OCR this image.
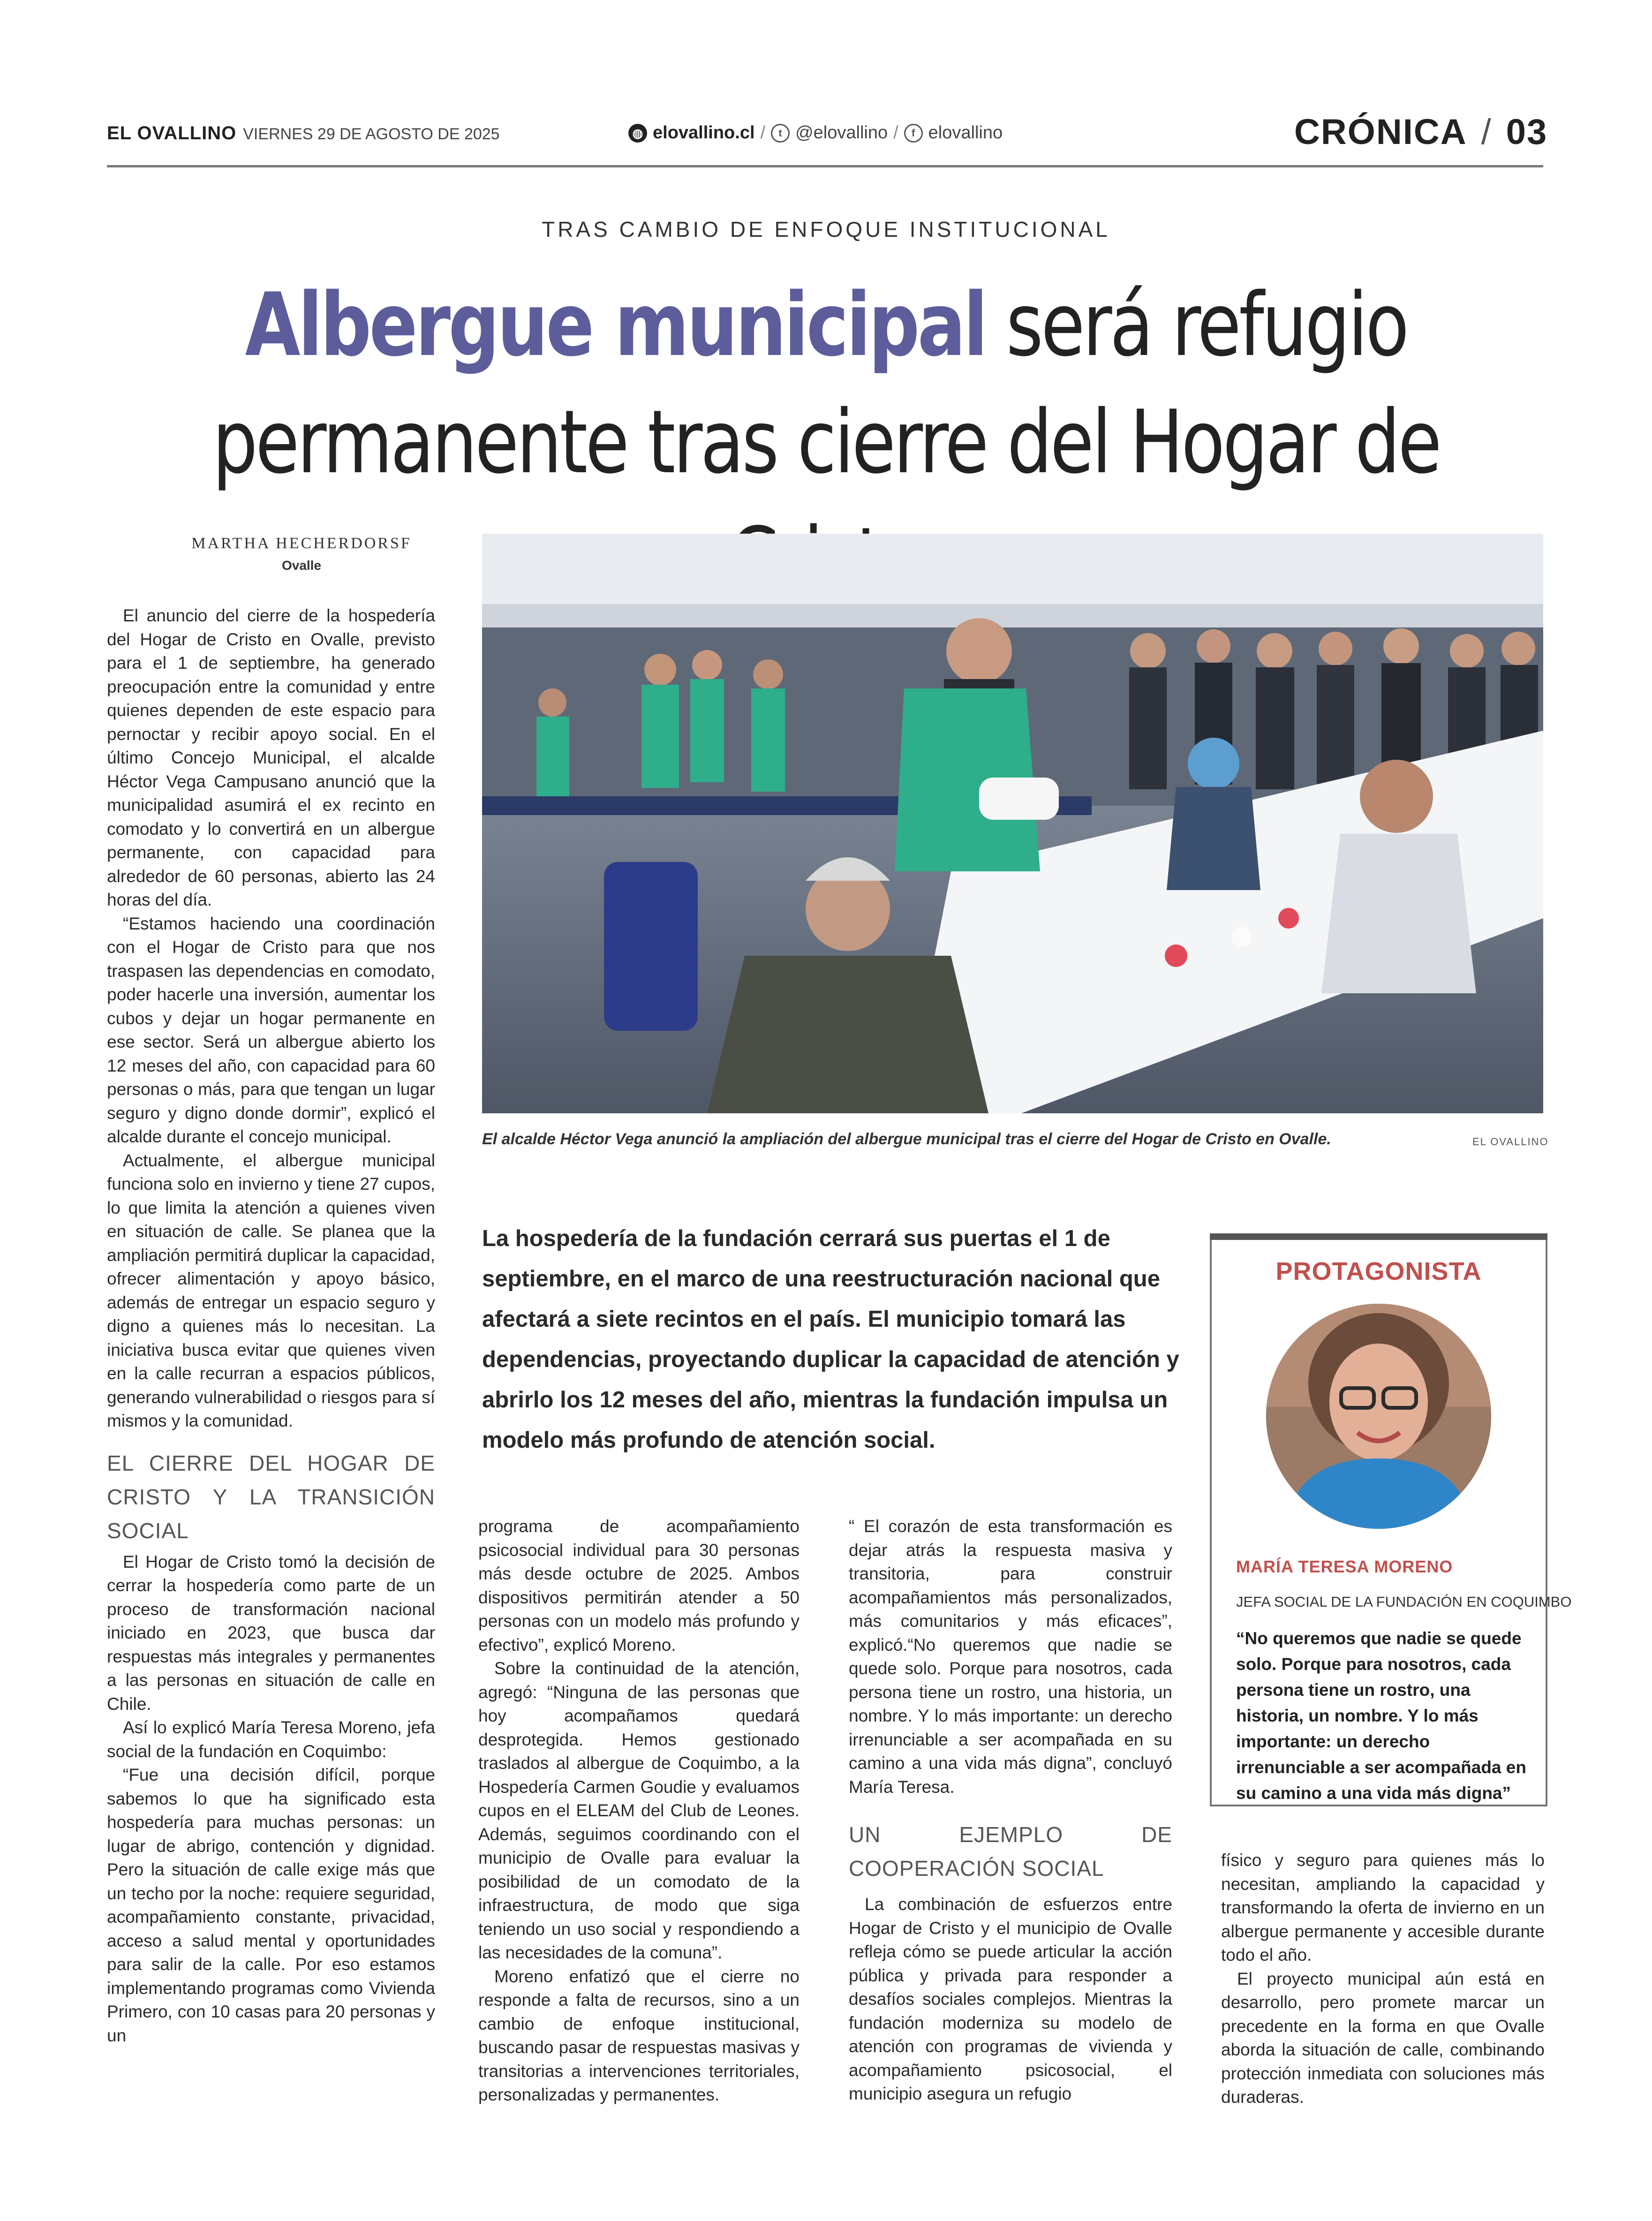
EL OVALLINO VIERNES 29 DE AGOSTO DE 2025	◍ elovallino.cl /	t @elovallino /	f elovallino	CRÓNICA / 03
TRAS CAMBIO DE ENFOQUE INSTITUCIONAL
Albergue municipal será refugio
permanente tras cierre del Hogar de
MARTHA HECHERDORSF
Ovalle

El anuncio del cierre de la hospedería del Hogar de Cristo en Ovalle, previsto para el 1 de septiembre, ha generado preocupación entre la comunidad y entre quienes dependen de este espacio para pernoctar y recibir apoyo social. En el último Concejo Municipal, el alcalde Héctor Vega Campusano anunció que la municipalidad asumirá el ex recinto en comodato y lo convertirá en un albergue permanente, con capacidad para alrededor de 60 personas, abierto las 24 horas del día.

“Estamos haciendo una coordinación con el Hogar de Cristo para que nos traspasen las dependencias en comodato, poder hacerle una inversión, aumentar los cubos y dejar un hogar permanente en ese sector. Será un albergue abierto los 12 meses del año, con capacidad para 60 personas o más, para que tengan un lugar seguro y digno donde dormir”, explicó el alcalde durante el concejo municipal.

Actualmente, el albergue municipal funciona solo en invierno y tiene 27 cupos, lo que limita la atención a quienes viven en situación de calle. Se planea que la ampliación permitirá duplicar la capacidad, ofrecer alimentación y apoyo básico, además de entregar un espacio seguro y digno a quienes más lo necesitan. La iniciativa busca evitar que quienes viven en la calle recurran a espacios públicos, generando vulnerabilidad o riesgos para sí mismos y la comunidad.

EL CIERRE DEL HOGAR DE CRISTO Y LA TRANSICIÓN SOCIAL

El Hogar de Cristo tomó la decisión de cerrar la hospedería como parte de un proceso de transformación nacional iniciado en 2023, que busca dar respuestas más integrales y permanentes a las personas en situación de calle en Chile.

Así lo explicó María Teresa Moreno, jefa social de la fundación en Coquimbo:

“Fue una decisión difícil, porque sabemos lo que ha significado esta hospedería para muchas personas: un lugar de abrigo, contención y dignidad. Pero la situación de calle exige más que un techo por la noche: requiere seguridad, acompañamiento constante, privacidad, acceso a salud mental y oportunidades para salir de la calle. Por eso estamos implementando programas como Vivienda Primero, con 10 casas para 20 personas y un

El alcalde Héctor Vega anunció la ampliación del albergue municipal tras el cierre del Hogar de Cristo en Ovalle.	EL OVALLINO
La hospedería de la fundación cerrará sus puertas el 1 de septiembre, en el marco de una reestructuración nacional que afectará a siete recintos en el país. El municipio tomará las dependencias, proyectando duplicar la capacidad de atención y abrirlo los 12 meses del año, mientras la fundación impulsa un modelo más profundo de atención social.

programa de acompañamiento psicosocial individual para 30 personas más desde octubre de 2025. Ambos dispositivos permitirán atender a 50 personas con un modelo más profundo y efectivo”, explicó Moreno.

Sobre la continuidad de la atención, agregó: “Ninguna de las personas que hoy acompañamos quedará desprotegida. Hemos gestionado traslados al albergue de Coquimbo, a la Hospedería Carmen Goudie y evaluamos cupos en el ELEAM del Club de Leones. Además, seguimos coordinando con el municipio de Ovalle para evaluar la posibilidad de un comodato de la infraestructura, de modo que siga teniendo un uso social y respondiendo a las necesidades de la comuna”.

Moreno enfatizó que el cierre no responde a falta de recursos, sino a un cambio de enfoque institucional, buscando pasar de respuestas masivas y transitorias a intervenciones territoriales, personalizadas y permanentes.

“ El corazón de esta transformación es dejar atrás la respuesta masiva y transitoria, para construir acompañamientos más personalizados, más comunitarios y más eficaces”, explicó.“No queremos que nadie se quede solo. Porque para nosotros, cada persona tiene un rostro, una historia, un nombre. Y lo más importante: un derecho irrenunciable a ser acompañada en su camino a una vida más digna”, concluyó María Teresa.

UN EJEMPLO DE COOPERACIÓN SOCIAL

La combinación de esfuerzos entre Hogar de Cristo y el municipio de Ovalle refleja cómo se puede articular la acción pública y privada para responder a desafíos sociales complejos. Mientras la fundación moderniza su modelo de atención con programas de vivienda y acompañamiento psicosocial, el municipio asegura un refugio

físico y seguro para quienes más lo necesitan, ampliando la capacidad y transformando la oferta de invierno en un albergue permanente y accesible durante todo el año.

El proyecto municipal aún está en desarrollo, pero promete marcar un precedente en la forma en que Ovalle aborda la situación de calle, combinando protección inmediata con soluciones más duraderas.

PROTAGONISTA
MARÍA TERESA MORENO
JEFA SOCIAL DE LA FUNDACIÓN EN COQUIMBO
“No queremos que nadie se quede solo. Porque para nosotros, cada persona tiene un rostro, una historia, un nombre. Y lo más importante: un derecho irrenunciable a ser acompañada en su camino a una vida más digna”
